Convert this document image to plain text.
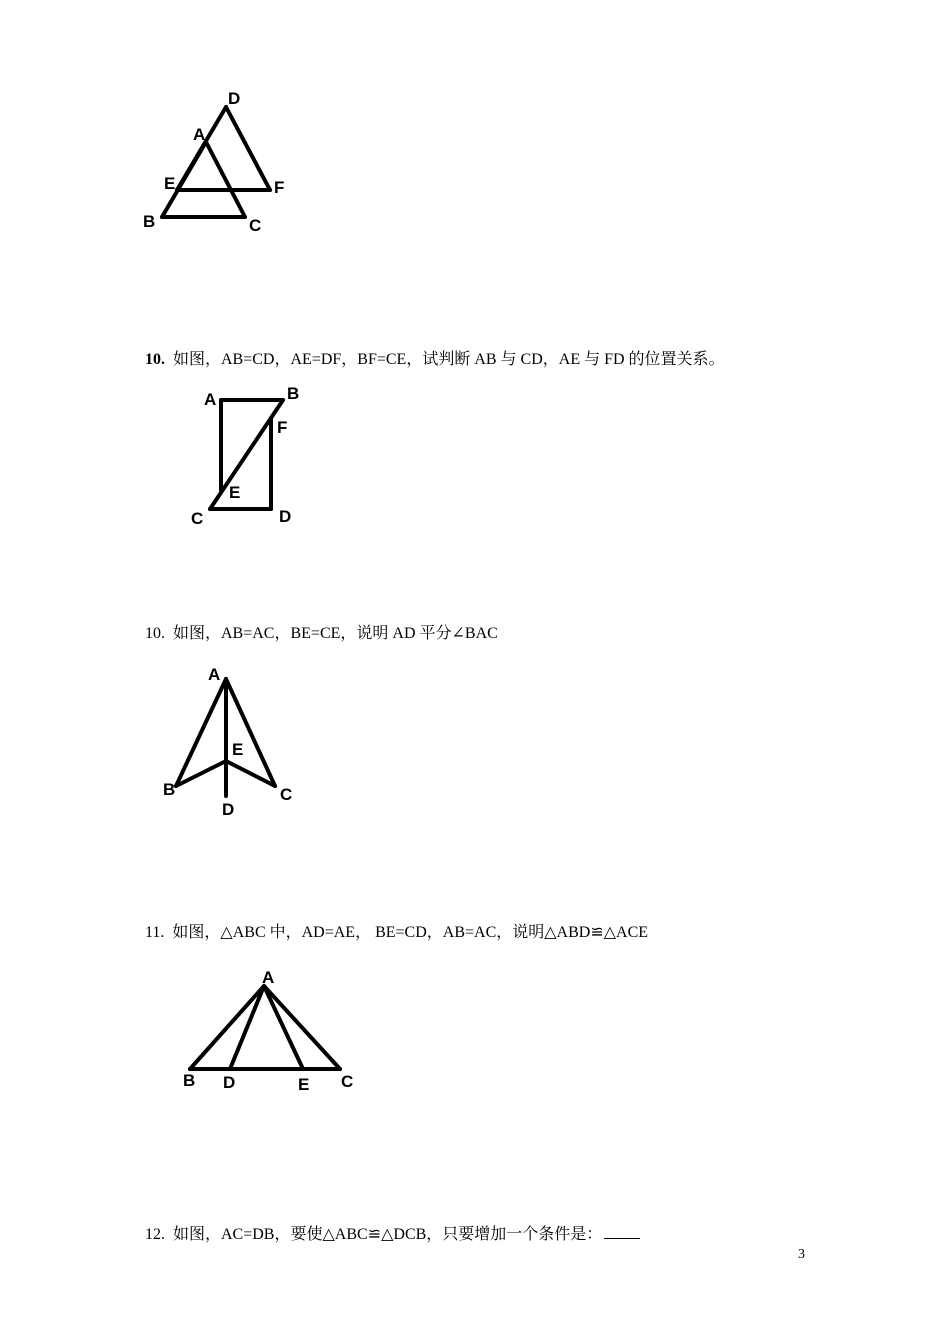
D
A
E	F
B	C
10. 如图，AB=CD，AE=DF，BF=CE，试判断 AB 与 CD，AE 与 FD 的位置关系。
A	B
F
E
C	D
10. 如图，AB=AC，BE=CE，说明 AD 平分∠BAC
A
E
B	C
D
11. 如图，△ABC 中，AD=AE， BE=CD，AB=AC，说明△ABD≌△ACE
A
B D	E C
12. 如图，AC=DB，要使△ABC≌△DCB，只要增加一个条件是：
3
